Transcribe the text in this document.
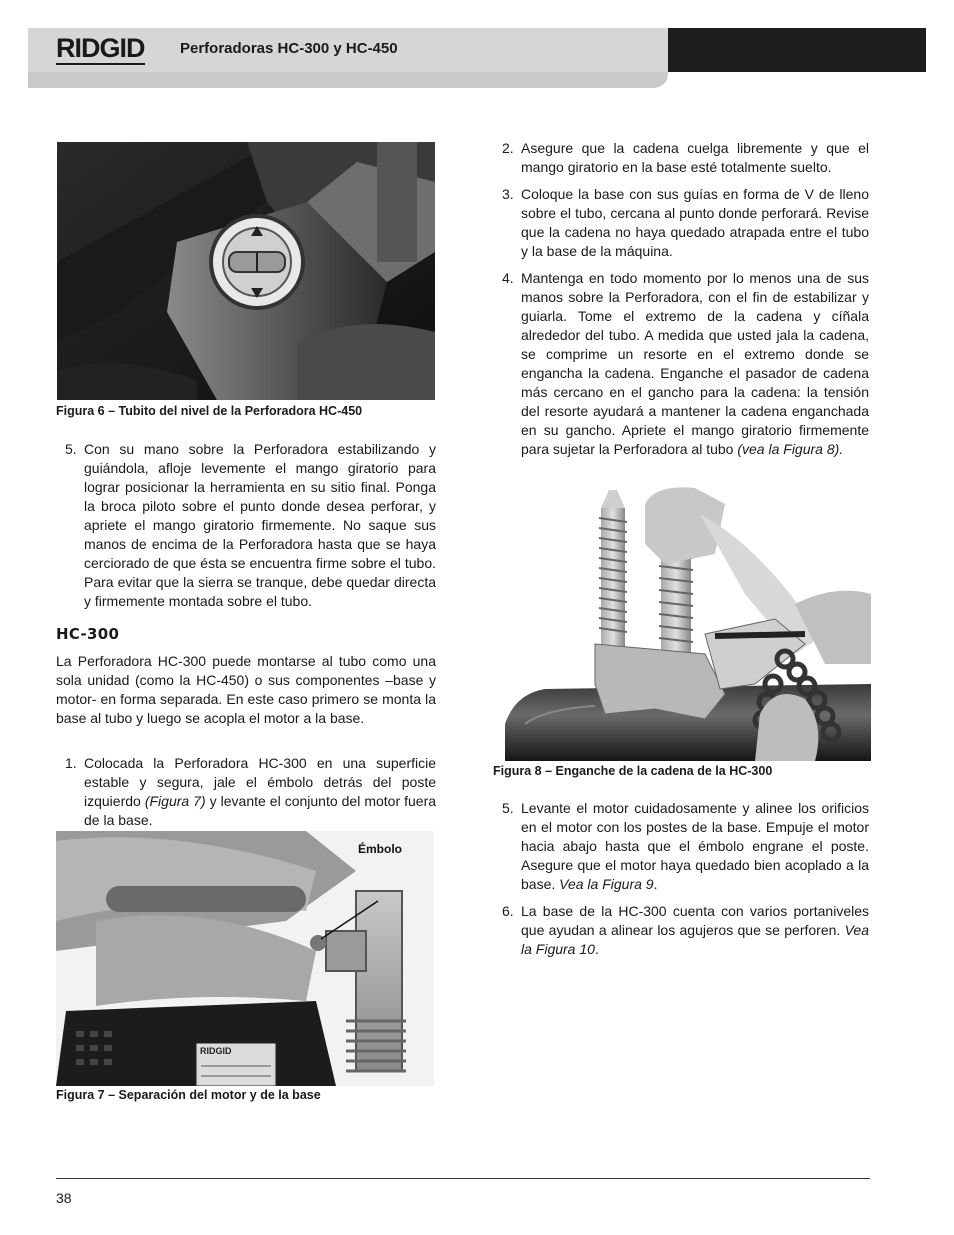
RIDGID Perforadoras HC-300 y HC-450
Figura 6 – Tubito del nivel de la Perforadora HC-450
5. Con su mano sobre la Perforadora estabilizando y guiándola, afloje levemente el mango giratorio para lograr posicionar la herramienta en su sitio final. Ponga la broca piloto sobre el punto donde desea perforar, y apriete el mango giratorio firmemente. No saque sus manos de encima de la Perforadora hasta que se haya cerciorado de que ésta se encuentra firme sobre el tubo. Para evitar que la sierra se tranque, debe quedar directa y firmemente montada sobre el tubo.
HC-300

La Perforadora HC-300 puede montarse al tubo como una sola unidad (como la HC-450) o sus componentes –base y motor- en forma separada. En este caso primero se monta la base al tubo y luego se acopla el motor a la base.

1. Colocada la Perforadora HC-300 en una superficie estable y segura, jale el émbolo detrás del poste izquierdo (Figura 7) y levante el conjunto del motor fuera de la base.
RIDGID
Émbolo
Figura 7 – Separación del motor y de la base
2. Asegure que la cadena cuelga libremente y que el mango giratorio en la base esté totalmente suelto.
3. Coloque la base con sus guías en forma de V de lleno sobre el tubo, cercana al punto donde perforará. Revise que la cadena no haya quedado atrapada entre el tubo y la base de la máquina.
4. Mantenga en todo momento por lo menos una de sus manos sobre la Perforadora, con el fin de estabilizar y guiarla. Tome el extremo de la cadena y cíñala alrededor del tubo. A medida que usted jala la cadena, se comprime un resorte en el extremo donde se engancha la cadena. Enganche el pasador de cadena más cercano en el gancho para la cadena: la tensión del resorte ayudará a mantener la cadena enganchada en su gancho. Apriete el mango giratorio firmemente para sujetar la Perforadora al tubo (vea la Figura 8).
Figura 8 – Enganche de la cadena de la HC-300
5. Levante el motor cuidadosamente y alinee los orificios en el motor con los postes de la base. Empuje el motor hacia abajo hasta que el émbolo engrane el poste. Asegure que el motor haya quedado bien acoplado a la base. Vea la Figura 9.
6. La base de la HC-300 cuenta con varios portaniveles que ayudan a alinear los agujeros que se perforen. Vea la Figura 10.
38
